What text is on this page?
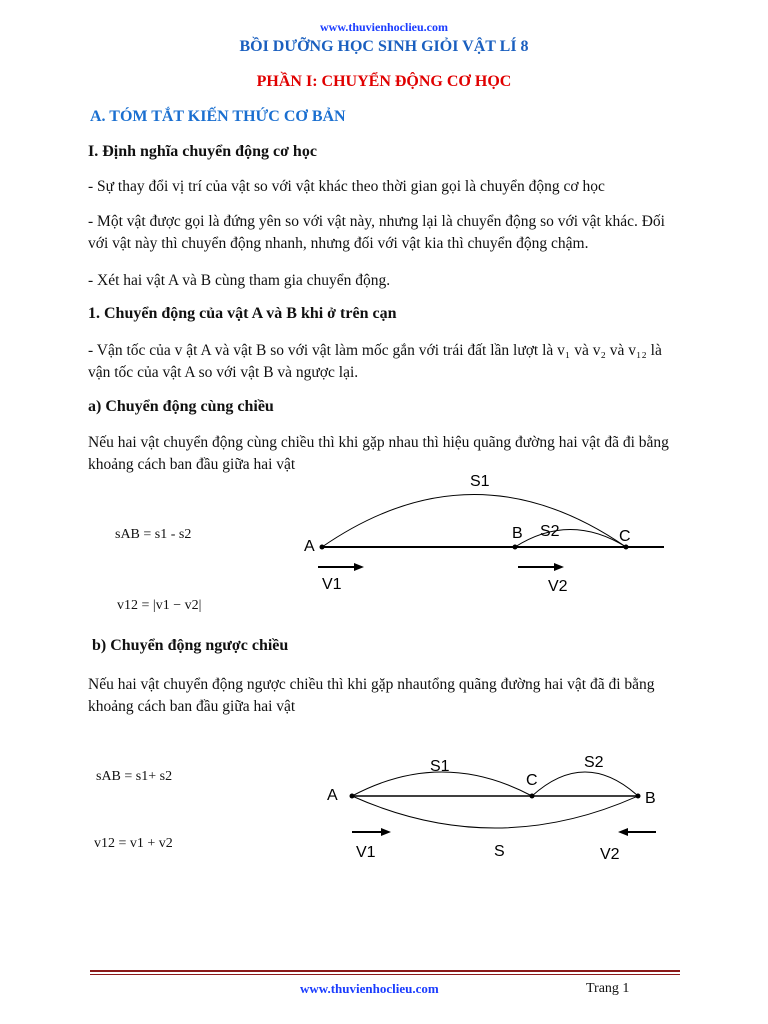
www.thuvienhoclieu.com
BỒI DƯỠNG HỌC SINH GIỎI VẬT LÍ 8
PHẦN I: CHUYỂN ĐỘNG CƠ HỌC
A. TÓM TẮT KIẾN THỨC CƠ BẢN
I. Định nghĩa chuyển động cơ học
- Sự thay đổi vị trí của vật so với vật khác theo thời gian gọi là chuyển động cơ học
- Một vật được gọi là đứng yên so với vật này, nhưng lại là chuyển động so với vật khác. Đối với vật này thì chuyển động nhanh, nhưng đối với vật kia thì chuyển động chậm.
- Xét hai vật A và B cùng tham gia chuyển động.
1. Chuyển động của vật A và B khi ở trên cạn
- Vận tốc của v ật A và vật B so với vật làm mốc gắn với trái đất lần lượt là v₁ và v₂ và v₁₂ là vận tốc của vật A so với vật B và ngược lại.
a) Chuyển động cùng chiều
Nếu hai vật chuyển động cùng chiều thì khi gặp nhau thì hiệu quãng đường hai vật đã đi bằng khoảng cách ban đầu giữa hai vật
sAB = s1 - s2
v12 = |v1 − v2|
A
B	C
S1
S2
V1	V2
b) Chuyển động ngược chiều
Nếu hai vật chuyển động ngược chiều thì khi gặp nhautổng quãng đường hai vật đã đi bằng khoảng cách ban đầu giữa hai vật
sAB = s1+ s2
v12 = v1 + v2
A	B
C
S1	S2
S
V1	V2
www.thuvienhoclieu.com	Trang 1
